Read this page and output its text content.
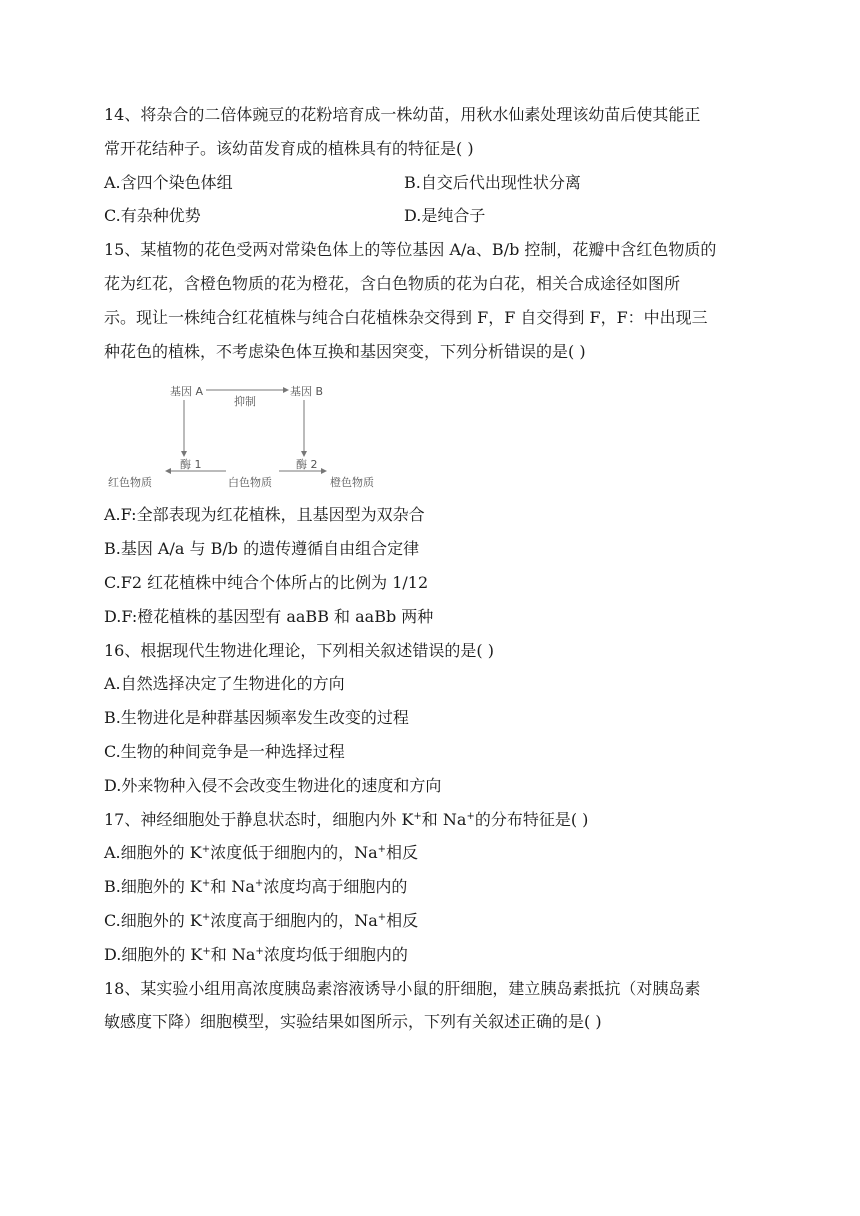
14、将杂合的二倍体豌豆的花粉培育成一株幼苗，用秋水仙素处理该幼苗后使其能正
常开花结种子。该幼苗发育成的植株具有的特征是( )
A.含四个染色体组	B.自交后代出现性状分离
C.有杂种优势	D.是纯合子
15、某植物的花色受两对常染色体上的等位基因 A/a、B/b 控制，花瓣中含红色物质的
花为红花，含橙色物质的花为橙花，含白色物质的花为白花，相关合成途径如图所
示。现让一株纯合红花植株与纯合白花植株杂交得到 F，F 自交得到 F，F：中出现三
种花色的植株，不考虑染色体互换和基因突变，下列分析错误的是( )
基因 A	基因 B
抑制
酶 1	酶 2
红色物质	白色物质	橙色物质
A.F:全部表现为红花植株，且基因型为双杂合
B.基因 A/a 与 B/b 的遗传遵循自由组合定律
C.F2 红花植株中纯合个体所占的比例为 1/12
D.F:橙花植株的基因型有 aaBB 和 aaBb 两种
16、根据现代生物进化理论，下列相关叙述错误的是( )
A.自然选择决定了生物进化的方向
B.生物进化是种群基因频率发生改变的过程
C.生物的种间竞争是一种选择过程
D.外来物种入侵不会改变生物进化的速度和方向
17、神经细胞处于静息状态时，细胞内外 K+和 Na+的分布特征是( )
A.细胞外的 K+浓度低于细胞内的，Na+相反
B.细胞外的 K+和 Na+浓度均高于细胞内的
C.细胞外的 K+浓度高于细胞内的，Na+相反
D.细胞外的 K+和 Na+浓度均低于细胞内的
18、某实验小组用高浓度胰岛素溶液诱导小鼠的肝细胞，建立胰岛素抵抗（对胰岛素
敏感度下降）细胞模型，实验结果如图所示，下列有关叙述正确的是( )
